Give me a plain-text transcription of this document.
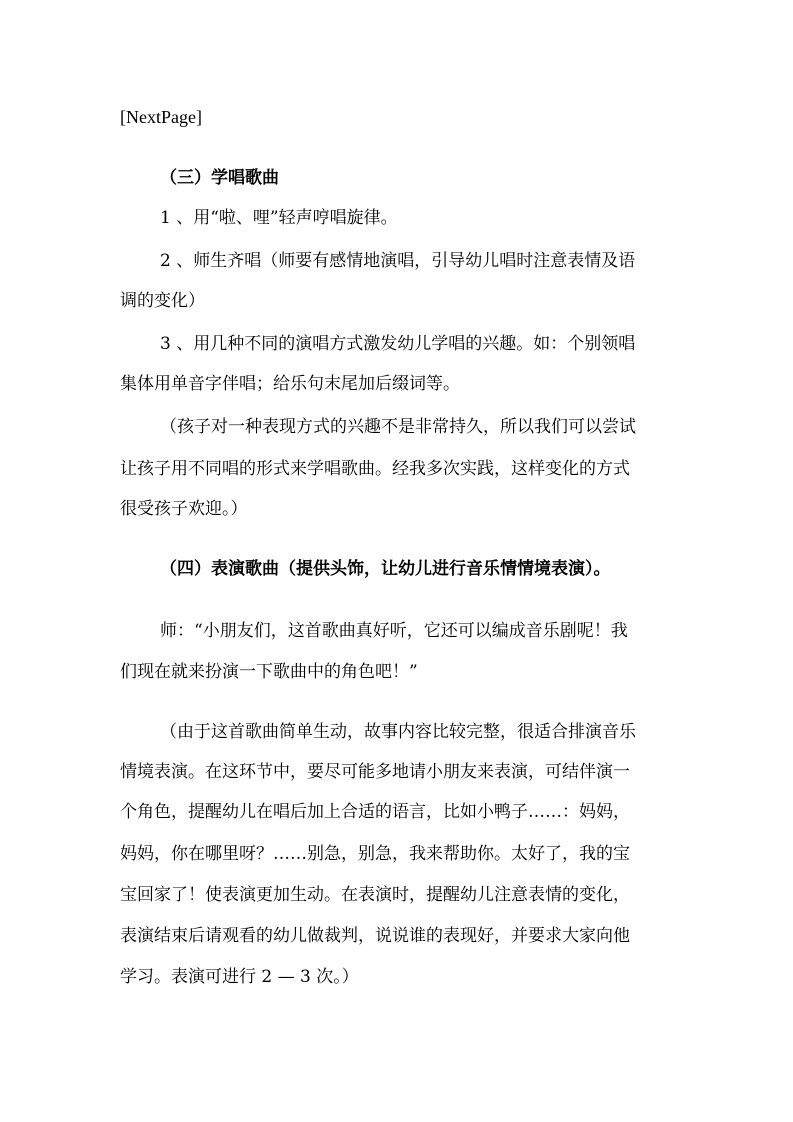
[NextPage]
（三）学唱歌曲
1 、用“啦、哩”轻声哼唱旋律。
2 、师生齐唱（师要有感情地演唱，引导幼儿唱时注意表情及语
调的变化）
3 、用几种不同的演唱方式激发幼儿学唱的兴趣。如：个别领唱
集体用单音字伴唱；给乐句末尾加后缀词等。
（孩子对一种表现方式的兴趣不是非常持久，所以我们可以尝试
让孩子用不同唱的形式来学唱歌曲。经我多次实践，这样变化的方式
很受孩子欢迎。）
（四）表演歌曲（提供头饰，让幼儿进行音乐情情境表演）。
师：“小朋友们，这首歌曲真好听，它还可以编成音乐剧呢！我
们现在就来扮演一下歌曲中的角色吧！”
（由于这首歌曲简单生动，故事内容比较完整，很适合排演音乐
情境表演。在这环节中，要尽可能多地请小朋友来表演，可结伴演一
个角色，提醒幼儿在唱后加上合适的语言，比如小鸭子……：妈妈，
妈妈，你在哪里呀？……别急，别急，我来帮助你。太好了，我的宝
宝回家了！使表演更加生动。在表演时，提醒幼儿注意表情的变化，
表演结束后请观看的幼儿做裁判，说说谁的表现好，并要求大家向他
学习。表演可进行 2 — 3 次。）
